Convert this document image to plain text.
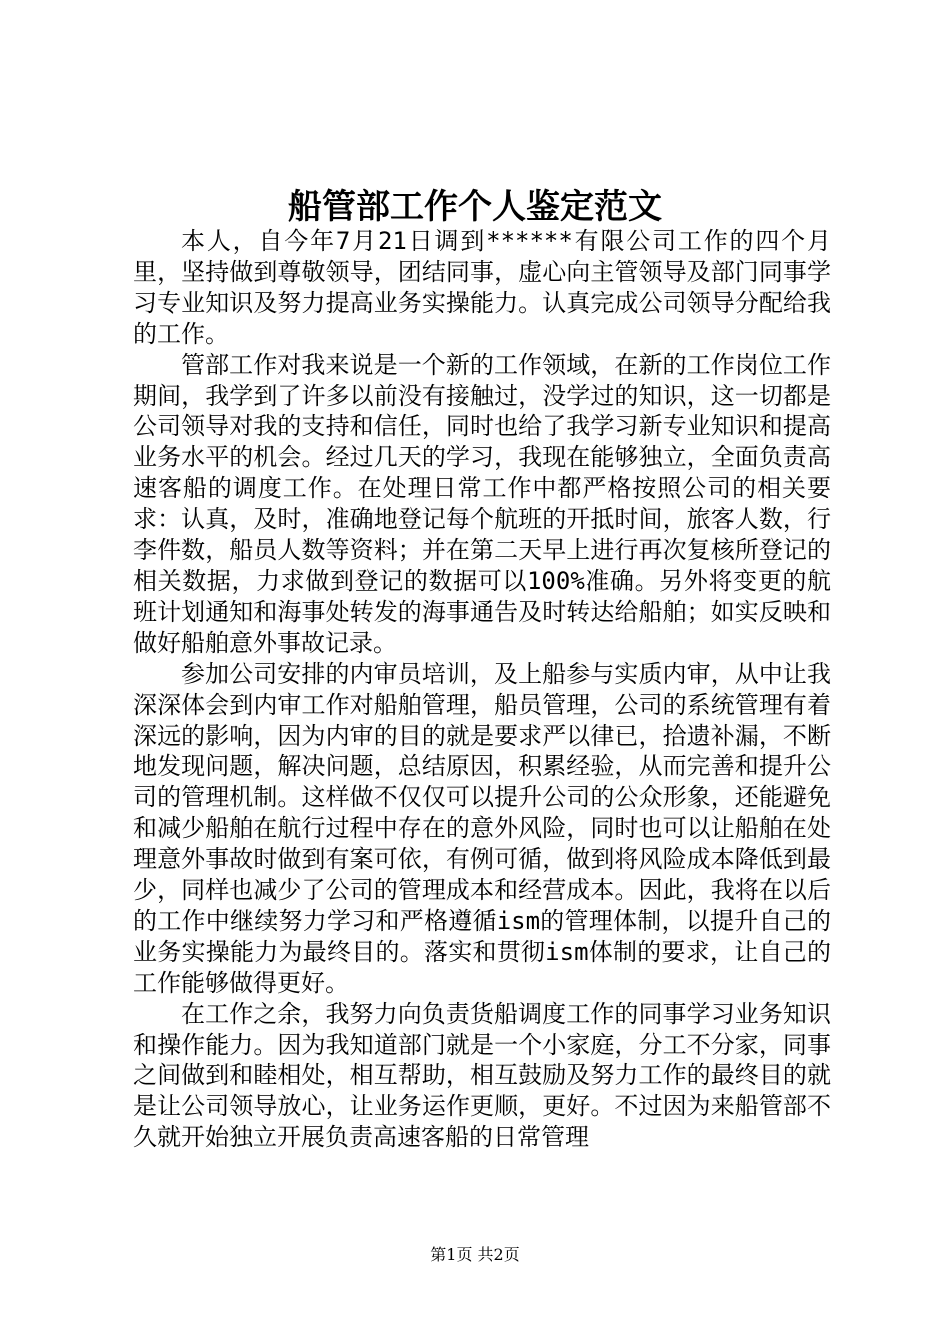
船管部工作个人鉴定范文

本人，自今年7月21日调到******有限公司工作的四个月里，坚持做到尊敬领导，团结同事，虚心向主管领导及部门同事学习专业知识及努力提高业务实操能力。认真完成公司领导分配给我的工作。

管部工作对我来说是一个新的工作领域，在新的工作岗位工作期间，我学到了许多以前没有接触过，没学过的知识，这一切都是公司领导对我的支持和信任，同时也给了我学习新专业知识和提高业务水平的机会。经过几天的学习，我现在能够独立，全面负责高速客船的调度工作。在处理日常工作中都严格按照公司的相关要求：认真，及时，准确地登记每个航班的开抵时间，旅客人数，行李件数，船员人数等资料；并在第二天早上进行再次复核所登记的相关数据，力求做到登记的数据可以100%准确。另外将变更的航班计划通知和海事处转发的海事通告及时转达给船舶；如实反映和做好船舶意外事故记录。

参加公司安排的内审员培训，及上船参与实质内审，从中让我深深体会到内审工作对船舶管理，船员管理，公司的系统管理有着深远的影响，因为内审的目的就是要求严以律已，拾遗补漏，不断地发现问题，解决问题，总结原因，积累经验，从而完善和提升公司的管理机制。这样做不仅仅可以提升公司的公众形象，还能避免和减少船舶在航行过程中存在的意外风险，同时也可以让船舶在处理意外事故时做到有案可依，有例可循，做到将风险成本降低到最少，同样也减少了公司的管理成本和经营成本。因此，我将在以后的工作中继续努力学习和严格遵循ism的管理体制，以提升自己的业务实操能力为最终目的。落实和贯彻ism体制的要求，让自己的工作能够做得更好。

在工作之余，我努力向负责货船调度工作的同事学习业务知识和操作能力。因为我知道部门就是一个小家庭，分工不分家，同事之间做到和睦相处，相互帮助，相互鼓励及努力工作的最终目的就是让公司领导放心，让业务运作更顺，更好。不过因为来船管部不久就开始独立开展负责高速客船的日常管理

第1页 共2页
